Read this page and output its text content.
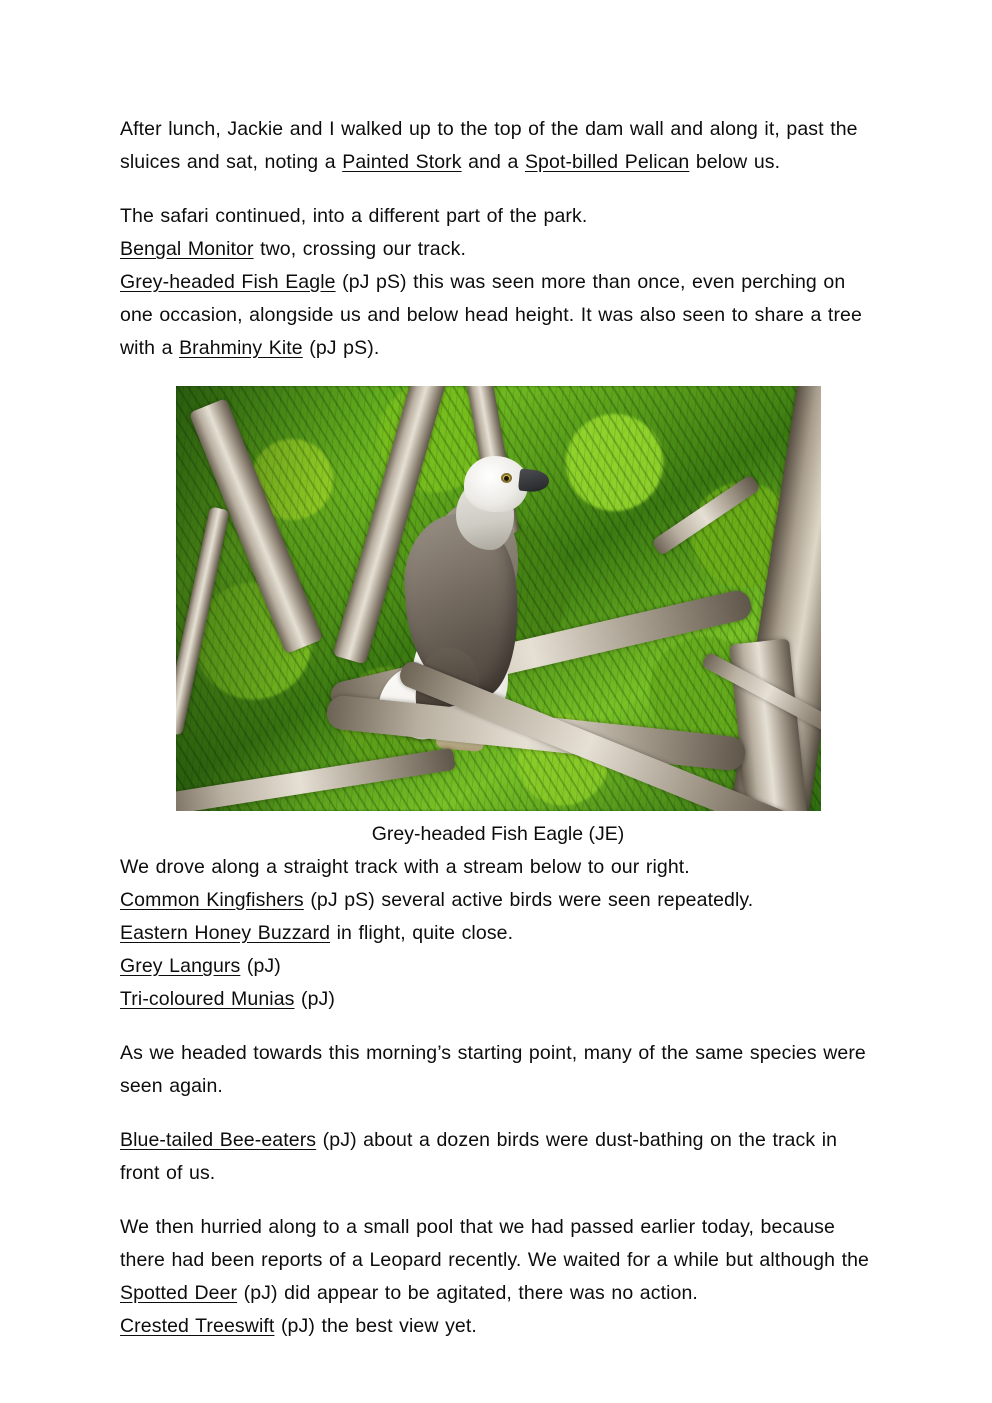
After lunch, Jackie and I walked up to the top of the dam wall and along it, past the sluices and sat, noting a Painted Stork and a Spot-billed Pelican below us.

The safari continued, into a different part of the park.
Bengal Monitor two, crossing our track.
Grey-headed Fish Eagle (pJ pS) this was seen more than once, even perching on one occasion, alongside us and below head height. It was also seen to share a tree with a Brahminy Kite (pJ pS).

Grey-headed Fish Eagle (JE)

We drove along a straight track with a stream below to our right.
Common Kingfishers (pJ pS) several active birds were seen repeatedly.
Eastern Honey Buzzard in flight, quite close.
Grey Langurs (pJ)
Tri-coloured Munias (pJ)

As we headed towards this morning’s starting point, many of the same species were seen again.

Blue-tailed Bee-eaters (pJ) about a dozen birds were dust-bathing on the track in front of us.

We then hurried along to a small pool that we had passed earlier today, because there had been reports of a Leopard recently. We waited for a while but although the Spotted Deer (pJ) did appear to be agitated, there was no action.
Crested Treeswift (pJ) the best view yet.
